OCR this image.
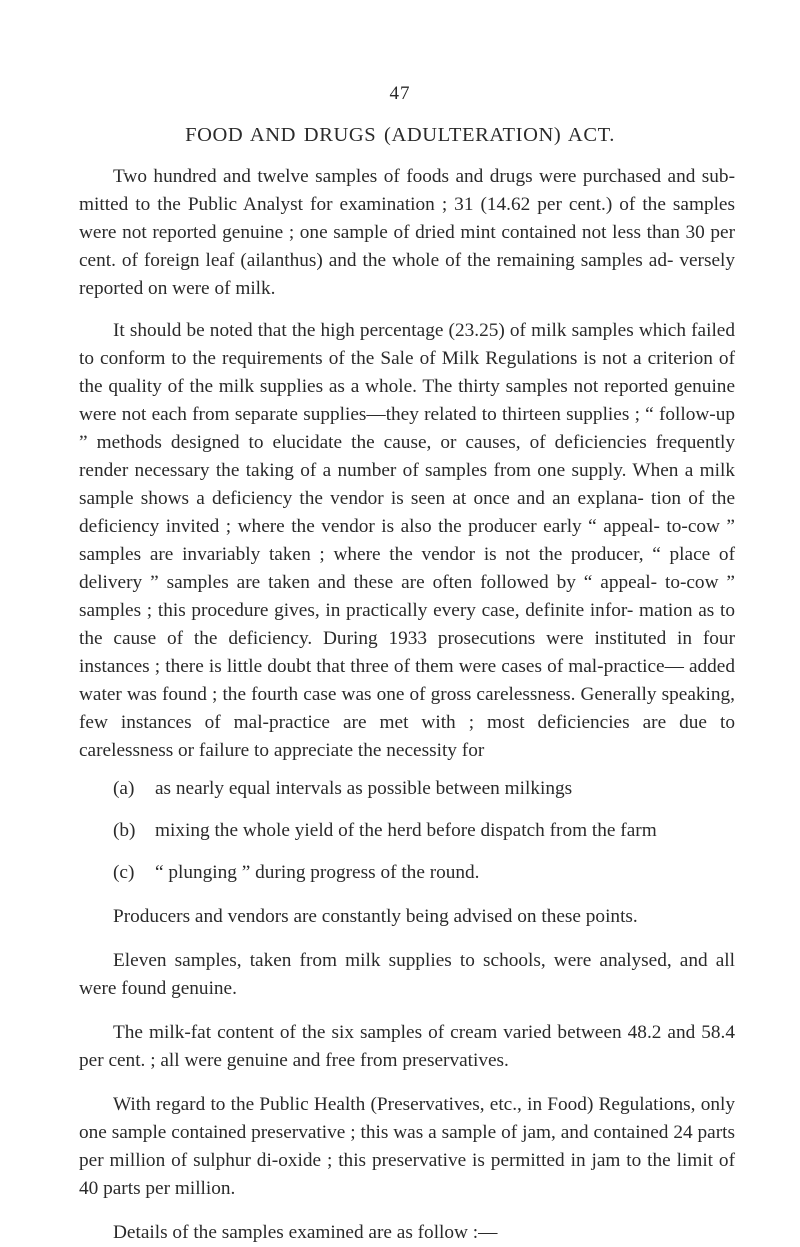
47
FOOD AND DRUGS (ADULTERATION) ACT.

Two hundred and twelve samples of foods and drugs were purchased and sub- mitted to the Public Analyst for examination ; 31 (14.62 per cent.) of the samples were not reported genuine ; one sample of dried mint contained not less than 30 per cent. of foreign leaf (ailanthus) and the whole of the remaining samples ad- versely reported on were of milk.

It should be noted that the high percentage (23.25) of milk samples which failed to conform to the requirements of the Sale of Milk Regulations is not a criterion of the quality of the milk supplies as a whole. The thirty samples not reported genuine were not each from separate supplies—they related to thirteen supplies ; “ follow-up ” methods designed to elucidate the cause, or causes, of deficiencies frequently render necessary the taking of a number of samples from one supply. When a milk sample shows a deficiency the vendor is seen at once and an explana- tion of the deficiency invited ; where the vendor is also the producer early “ appeal- to-cow ” samples are invariably taken ; where the vendor is not the producer, “ place of delivery ” samples are taken and these are often followed by “ appeal- to-cow ” samples ; this procedure gives, in practically every case, definite infor- mation as to the cause of the deficiency. During 1933 prosecutions were instituted in four instances ; there is little doubt that three of them were cases of mal-practice— added water was found ; the fourth case was one of gross carelessness. Generally speaking, few instances of mal-practice are met with ; most deficiencies are due to carelessness or failure to appreciate the necessity for

(a) as nearly equal intervals as possible between milkings
(b) mixing the whole yield of the herd before dispatch from the farm
(c) “ plunging ” during progress of the round.

Producers and vendors are constantly being advised on these points.

Eleven samples, taken from milk supplies to schools, were analysed, and all were found genuine.

The milk-fat content of the six samples of cream varied between 48.2 and 58.4 per cent. ; all were genuine and free from preservatives.

With regard to the Public Health (Preservatives, etc., in Food) Regulations, only one sample contained preservative ; this was a sample of jam, and contained 24 parts per million of sulphur di-oxide ; this preservative is permitted in jam to the limit of 40 parts per million.

Details of the samples examined are as follow :—
